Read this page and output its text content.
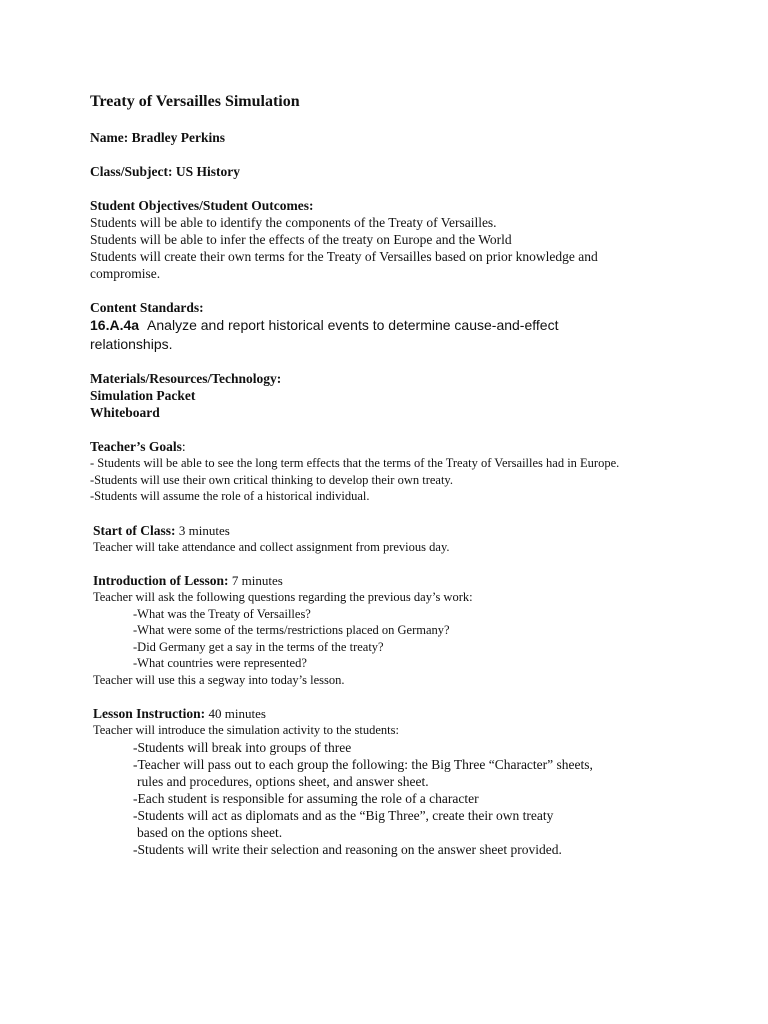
Treaty of Versailles Simulation

Name: Bradley Perkins

Class/Subject: US History

Student Objectives/Student Outcomes:

Students will be able to identify the components of the Treaty of Versailles.

Students will be able to infer the effects of the treaty on Europe and the World

Students will create their own terms for the Treaty of Versailles based on prior knowledge and

compromise.

Content Standards:

16.A.4a Analyze and report historical events to determine cause-and-effect

relationships.

Materials/Resources/Technology:

Simulation Packet

Whiteboard

Teacher’s Goals:

- Students will be able to see the long term effects that the terms of the Treaty of Versailles had in Europe.

-Students will use their own critical thinking to develop their own treaty.

-Students will assume the role of a historical individual.

Start of Class: 3 minutes

Teacher will take attendance and collect assignment from previous day.

Introduction of Lesson: 7 minutes

Teacher will ask the following questions regarding the previous day’s work:

-What was the Treaty of Versailles?

-What were some of the terms/restrictions placed on Germany?

-Did Germany get a say in the terms of the treaty?

-What countries were represented?

Teacher will use this a segway into today’s lesson.

Lesson Instruction: 40 minutes

Teacher will introduce the simulation activity to the students:

-Students will break into groups of three

-Teacher will pass out to each group the following: the Big Three “Character” sheets,

rules and procedures, options sheet, and answer sheet.

-Each student is responsible for assuming the role of a character

-Students will act as diplomats and as the “Big Three”, create their own treaty

based on the options sheet.

-Students will write their selection and reasoning on the answer sheet provided.
